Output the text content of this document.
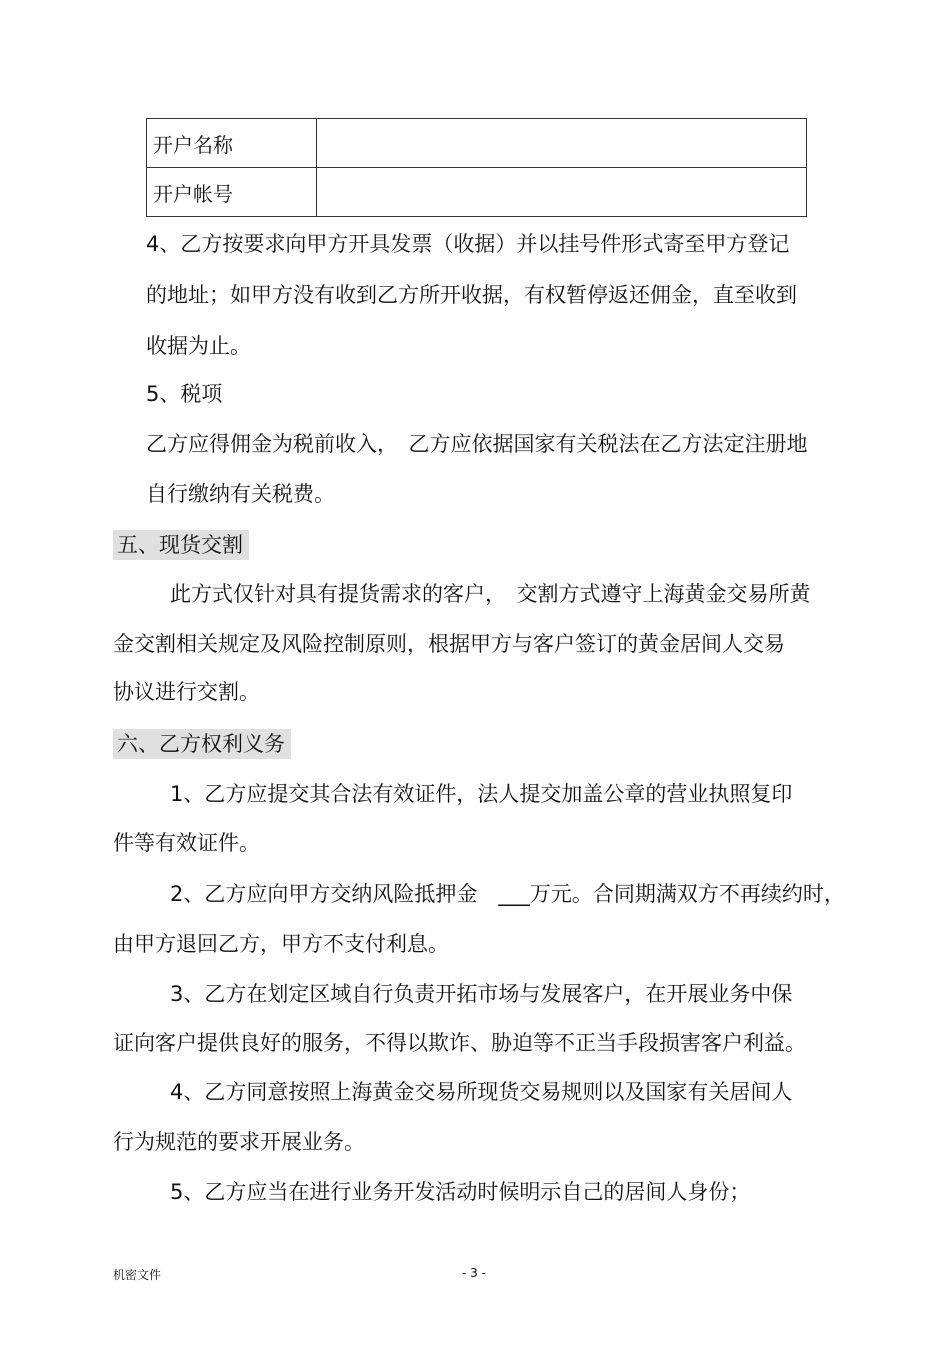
开户名称	
开户帐号	
4、乙方按要求向甲方开具发票（收据）并以挂号件形式寄至甲方登记
的地址；如甲方没有收到乙方所开收据，有权暂停返还佣金，直至收到
收据为止。
5、税项
乙方应得佣金为税前收入，　乙方应依据国家有关税法在乙方法定注册地
自行缴纳有关税费。
五、现货交割
此方式仅针对具有提货需求的客户，　交割方式遵守上海黄金交易所黄
金交割相关规定及风险控制原则，根据甲方与客户签订的黄金居间人交易
协议进行交割。
六、乙方权利义务
1、乙方应提交其合法有效证件，法人提交加盖公章的营业执照复印
件等有效证件。
2、乙方应向甲方交纳风险抵押金　___万元。合同期满双方不再续约时，
由甲方退回乙方，甲方不支付利息。
3、乙方在划定区域自行负责开拓市场与发展客户，在开展业务中保
证向客户提供良好的服务，不得以欺诈、胁迫等不正当手段损害客户利益。
4、乙方同意按照上海黄金交易所现货交易规则以及国家有关居间人
行为规范的要求开展业务。
5、乙方应当在进行业务开发活动时候明示自己的居间人身份；
机密文件	- 3 -
